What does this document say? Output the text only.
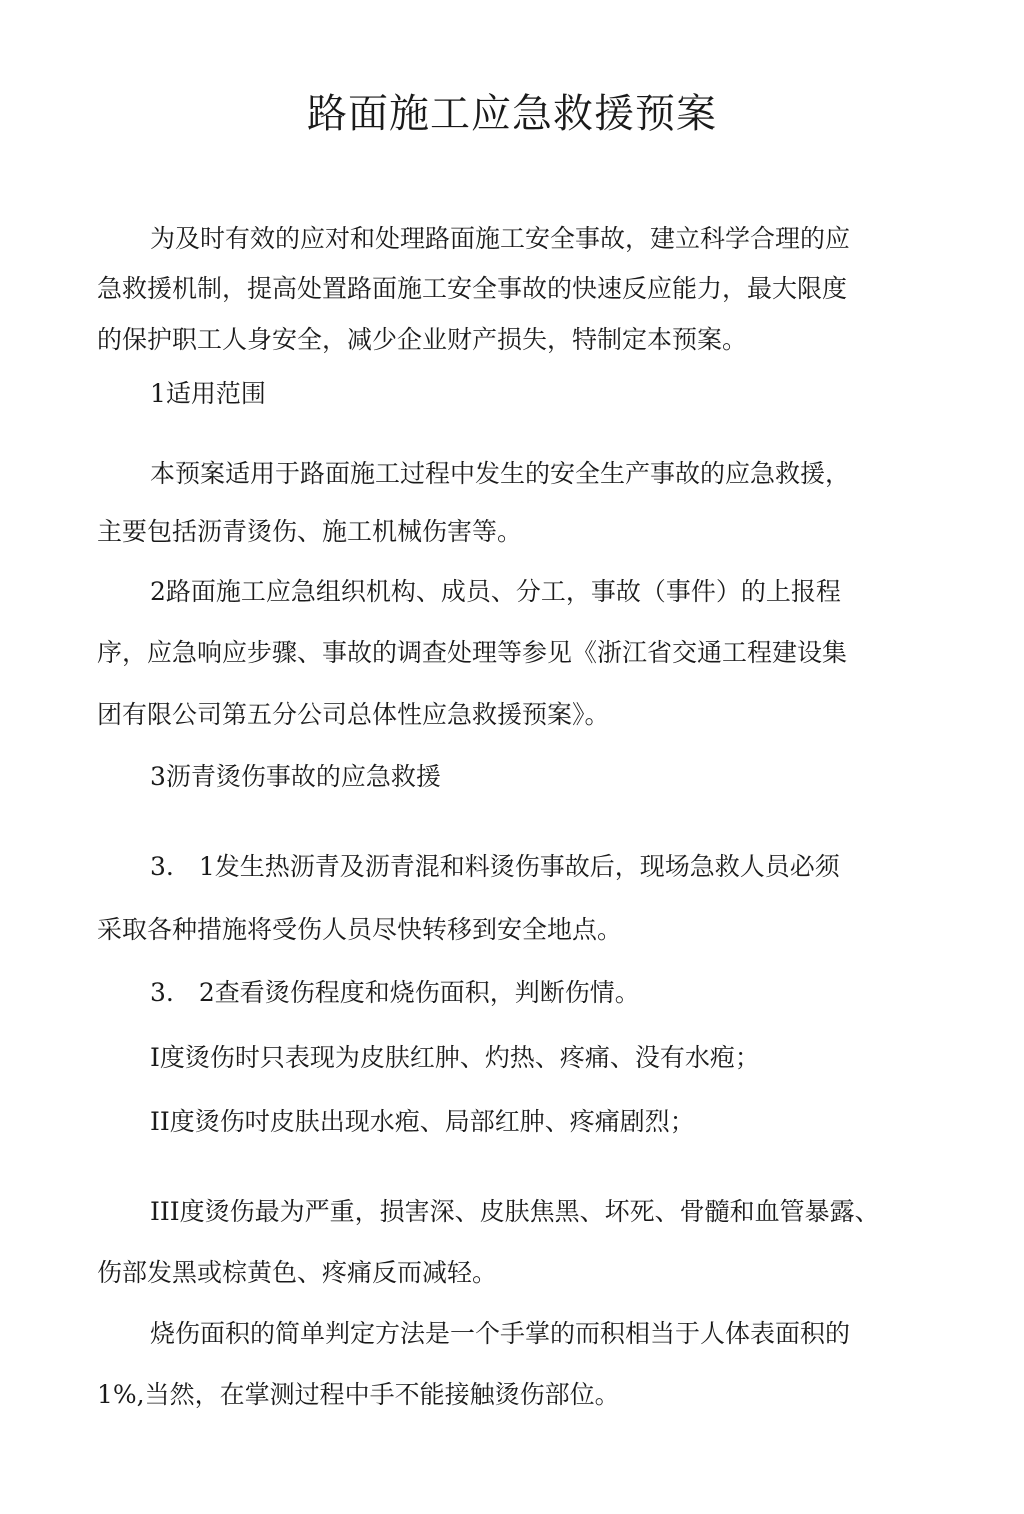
路面施工应急救援预案

为及时有效的应对和处理路面施工安全事故，建立科学合理的应

急救援机制，提高处置路面施工安全事故的快速反应能力，最大限度

的保护职工人身安全，减少企业财产损失，特制定本预案。

1适用范围

本预案适用于路面施工过程中发生的安全生产事故的应急救援，

主要包括沥青烫伤、施工机械伤害等。

2路面施工应急组织机构、成员、分工，事故（事件）的上报程

序，应急响应步骤、事故的调查处理等参见《浙江省交通工程建设集

团有限公司第五分公司总体性应急救援预案》。

3沥青烫伤事故的应急救援

3.　1发生热沥青及沥青混和料烫伤事故后，现场急救人员必须

采取各种措施将受伤人员尽快转移到安全地点。

3.　2查看烫伤程度和烧伤面积，判断伤情。

I度烫伤时只表现为皮肤红肿、灼热、疼痛、没有水疱；

II度烫伤吋皮肤出现水疱、局部红肿、疼痛剧烈；

III度烫伤最为严重，损害深、皮肤焦黑、坏死、骨髓和血管暴露、

伤部发黑或棕黄色、疼痛反而减轻。

烧伤面积的简单判定方法是一个手掌的而积相当于人体表面积的

1%,当然，在掌测过程中手不能接触烫伤部位。
